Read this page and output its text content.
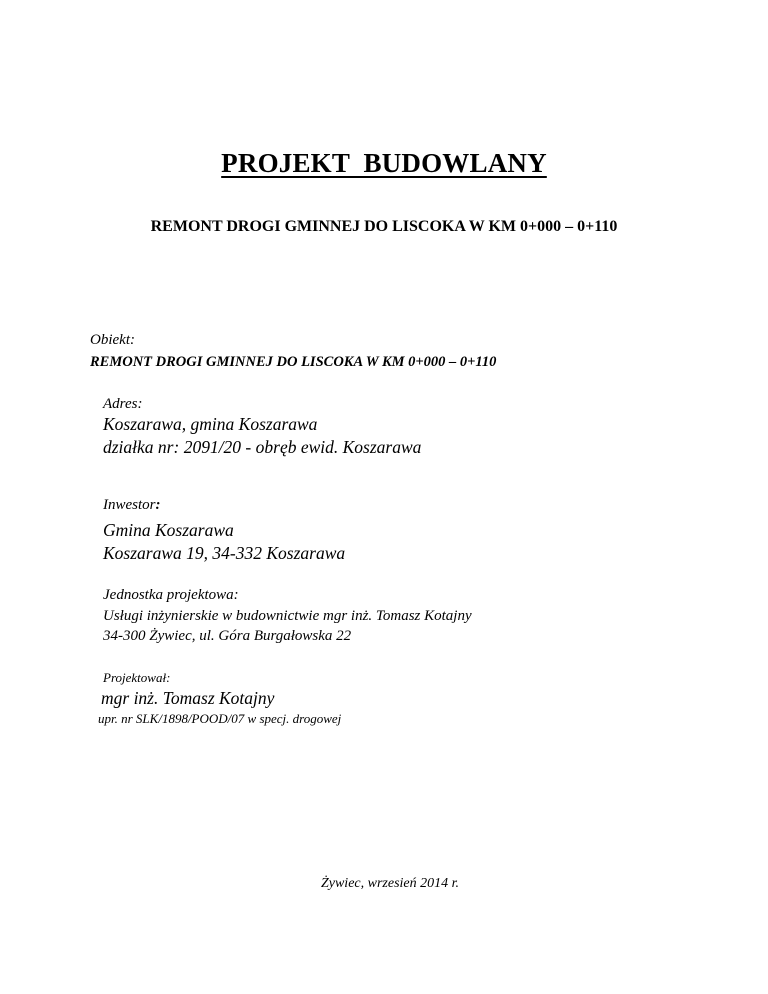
PROJEKT  BUDOWLANY
REMONT DROGI GMINNEJ DO LISCOKA W KM 0+000 – 0+110
Obiekt:
REMONT DROGI GMINNEJ DO LISCOKA W KM 0+000 – 0+110
Adres:
Koszarawa, gmina Koszarawa
działka nr: 2091/20 - obręb ewid. Koszarawa
Inwestor:
Gmina Koszarawa
Koszarawa 19, 34-332 Koszarawa
Jednostka projektowa:
Usługi inżynierskie w budownictwie mgr inż. Tomasz Kotajny
34-300 Żywiec, ul. Góra Burgałowska 22
Projektował:
mgr inż. Tomasz Kotajny
upr. nr SLK/1898/POOD/07 w specj. drogowej
Żywiec, wrzesień 2014 r.
